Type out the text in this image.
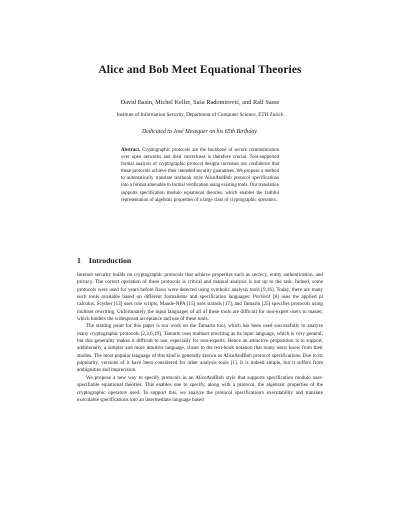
Alice and Bob Meet Equational Theories
David Basin, Michel Keller, Saša Radomirović, and Ralf Sasse
Institute of Information Security, Department of Computer Science, ETH Zurich
Dedicated to José Meseguer on his 65th Birthday.
Abstract. Cryptographic protocols are the backbone of secure communication over open networks and their correctness is therefore crucial. Tool-supported formal analysis of cryptographic protocol designs increases our confidence that these protocols achieve their intended security guarantees. We propose a method to automatically translate textbook style AliceAndBob protocol specifications into a format amenable to formal verification using existing tools. Our translation supports specification modulo equational theories, which enables the faithful representation of algebraic properties of a large class of cryptographic operators.
1 Introduction

Internet security builds on cryptographic protocols that achieve properties such as secrecy, entity authentication, and privacy. The correct operation of these protocols is critical and manual analysis is not up to the task. Indeed, some protocols were used for years before flaws were detected using symbolic analysis tools [9,16]. Today, there are many such tools available based on different formalisms and specification languages: ProVerif [8] uses the applied pi calculus, Scyther [13] uses role scripts, Maude-NPA [15] uses strands [17], and Tamarin [25] specifies protocols using multiset rewriting. Unfortunately the input languages of all of these tools are difficult for non-expert users to master, which hinders the widespread acceptance and use of these tools.

The starting point for this paper is our work on the Tamarin tool, which has been used successfully to analyze many cryptographic protocols [2,3,6,19]. Tamarin uses multiset rewriting as its input language, which is very general; but this generality makes it difficult to use, especially for non-experts. Hence an attractive proposition is to support, additionally, a simpler and more intuitive language, closer to the text-book notation that many users know from their studies. The most popular language of this kind is generally known as AliceAndBob protocol specifications. Due to its popularity, versions of it have been considered for other analysis tools [1]. It is indeed simple, but it suffers from ambiguities and imprecision.

We propose a new way to specify protocols in an AliceAndBob style that supports specification modulo user-specifiable equational theories. This enables one to specify, along with a protocol, the algebraic properties of the cryptographic operators used. To support this, we analyze the protocol specification's executability and translate executable specifications into an intermediate language based
